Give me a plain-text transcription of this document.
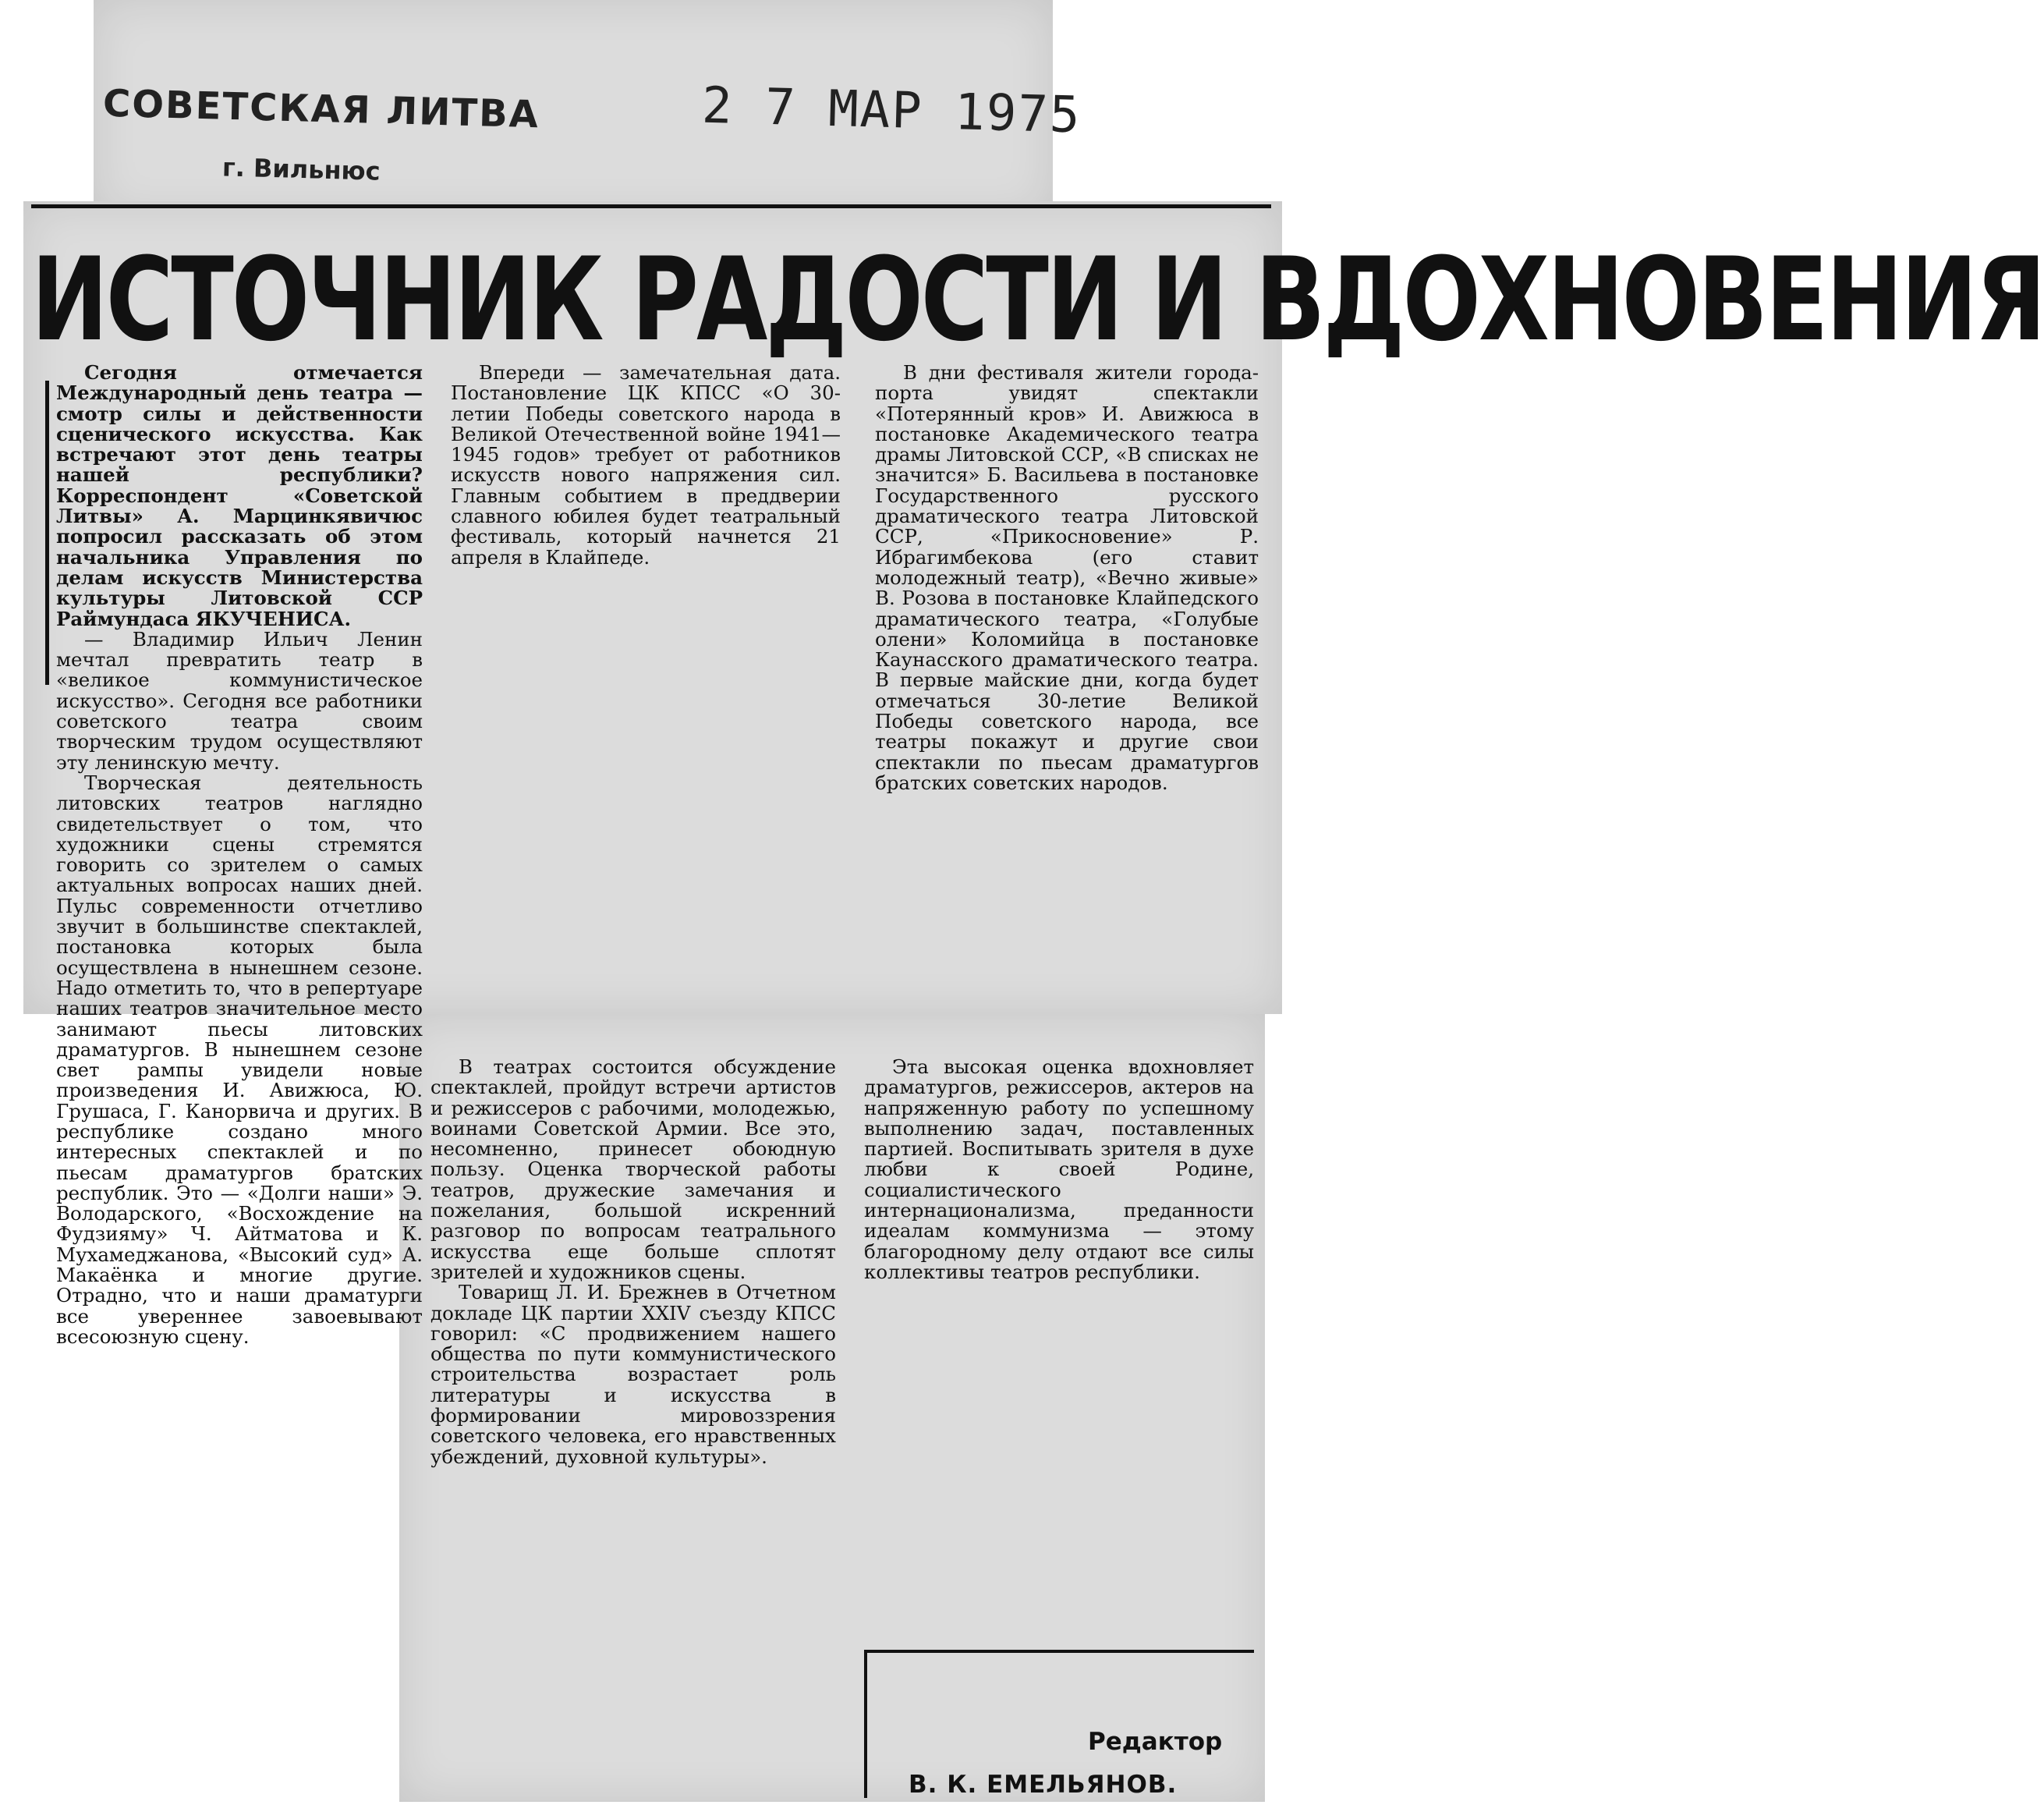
СОВЕТСКАЯ ЛИТВА
г. Вильнюс
2 7 МАР 1975
ИСТОЧНИК РАДОСТИ И ВДОХНОВЕНИЯ

Сегодня отмечается Международный день театра — смотр силы и действенности сценического искусства. Как встречают этот день театры нашей республики? Корреспондент «Советской Литвы» А. Марцинкявичюс попросил рассказать об этом начальника Управления по делам искусств Министерства культуры Литовской ССР Раймундаса ЯКУЧЕНИСА.

— Владимир Ильич Ленин мечтал превратить театр в «великое коммунистическое искусство». Сегодня все работники советского театра своим творческим трудом осуществляют эту ленинскую мечту.

Творческая деятельность литовских театров наглядно свидетельствует о том, что художники сцены стремятся говорить со зрителем о самых актуальных вопросах наших дней. Пульс современности отчетливо звучит в большинстве спектаклей, постановка которых была осуществлена в нынешнем сезоне. Надо отметить то, что в репертуаре наших театров значительное место занимают пьесы литовских драматургов. В нынешнем сезоне свет рампы увидели новые произведения И. Авижюса, Ю. Грушаса, Г. Канорвича и других. В республике создано много интересных спектаклей и по пьесам драматургов братских республик. Это — «Долги наши» Э. Володарского, «Восхождение на Фудзияму» Ч. Айтматова и К. Мухамеджанова, «Высокий суд» А. Макаёнка и многие другие. Отрадно, что и наши драматурги все увереннее завоевывают всесоюзную сцену.

Впереди — замечательная дата. Постановление ЦК КПСС «О 30-летии Победы советского народа в Великой Отечественной войне 1941—1945 годов» требует от работников искусств нового напряжения сил. Главным событием в преддверии славного юбилея будет театральный фестиваль, который начнется 21 апреля в Клайпеде.

В дни фестиваля жители города-порта увидят спектакли «Потерянный кров» И. Авижюса в постановке Академического театра драмы Литовской ССР, «В списках не значится» Б. Васильева в постановке Государственного русского драматического театра Литовской ССР, «Прикосновение» Р. Ибрагимбекова (его ставит молодежный театр), «Вечно живые» В. Розова в постановке Клайпедского драматического театра, «Голубые олени» Коломийца в постановке Каунасского драматического театра. В первые майские дни, когда будет отмечаться 30-летие Великой Победы советского народа, все театры покажут и другие свои спектакли по пьесам драматургов братских советских народов.

В театрах состоится обсуждение спектаклей, пройдут встречи артистов и режиссеров с рабочими, молодежью, воинами Советской Армии. Все это, несомненно, принесет обоюдную пользу. Оценка творческой работы театров, дружеские замечания и пожелания, большой искренний разговор по вопросам театрального искусства еще больше сплотят зрителей и художников сцены.

Товарищ Л. И. Брежнев в Отчетном докладе ЦК партии XXIV съезду КПСС говорил: «С продвижением нашего общества по пути коммунистического строительства возрастает роль литературы и искусства в формировании мировоззрения советского человека, его нравственных убеждений, духовной культуры».

Эта высокая оценка вдохновляет драматургов, режиссеров, актеров на напряженную работу по успешному выполнению задач, поставленных партией. Воспитывать зрителя в духе любви к своей Родине, социалистического интернационализма, преданности идеалам коммунизма — этому благородному делу отдают все силы коллективы театров республики.

Редактор
В. К. ЕМЕЛЬЯНОВ.
